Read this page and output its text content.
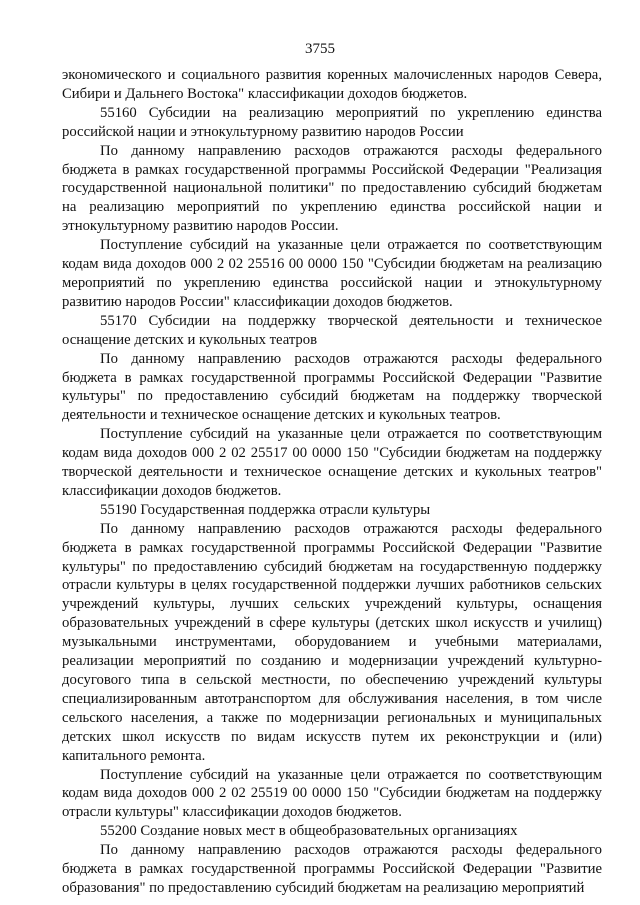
3755

экономического и социального развития коренных малочисленных народов Севера, Сибири и Дальнего Востока" классификации доходов бюджетов.

55160 Субсидии на реализацию мероприятий по укреплению единства российской нации и этнокультурному развитию народов России

По данному направлению расходов отражаются расходы федерального бюджета в рамках государственной программы Российской Федерации "Реализация государственной национальной политики" по предоставлению субсидий бюджетам на реализацию мероприятий по укреплению единства российской нации и этнокультурному развитию народов России.

Поступление субсидий на указанные цели отражается по соответствующим кодам вида доходов 000 2 02 25516 00 0000 150 "Субсидии бюджетам на реализацию мероприятий по укреплению единства российской нации и этнокультурному развитию народов России" классификации доходов бюджетов.

55170 Субсидии на поддержку творческой деятельности и техническое оснащение детских и кукольных театров

По данному направлению расходов отражаются расходы федерального бюджета в рамках государственной программы Российской Федерации "Развитие культуры" по предоставлению субсидий бюджетам на поддержку творческой деятельности и техническое оснащение детских и кукольных театров.

Поступление субсидий на указанные цели отражается по соответствующим кодам вида доходов 000 2 02 25517 00 0000 150 "Субсидии бюджетам на поддержку творческой деятельности и техническое оснащение детских и кукольных театров" классификации доходов бюджетов.

55190 Государственная поддержка отрасли культуры

По данному направлению расходов отражаются расходы федерального бюджета в рамках государственной программы Российской Федерации "Развитие культуры" по предоставлению субсидий бюджетам на государственную поддержку отрасли культуры в целях государственной поддержки лучших работников сельских учреждений культуры, лучших сельских учреждений культуры, оснащения образовательных учреждений в сфере культуры (детских школ искусств и училищ) музыкальными инструментами, оборудованием и учебными материалами, реализации мероприятий по созданию и модернизации учреждений культурно-досугового типа в сельской местности, по обеспечению учреждений культуры специализированным автотранспортом для обслуживания населения, в том числе сельского населения, а также по модернизации региональных и муниципальных детских школ искусств по видам искусств путем их реконструкции и (или) капитального ремонта.

Поступление субсидий на указанные цели отражается по соответствующим кодам вида доходов 000 2 02 25519 00 0000 150 "Субсидии бюджетам на поддержку отрасли культуры" классификации доходов бюджетов.

55200 Создание новых мест в общеобразовательных организациях

По данному направлению расходов отражаются расходы федерального бюджета в рамках государственной программы Российской Федерации "Развитие образования" по предоставлению субсидий бюджетам на реализацию мероприятий
